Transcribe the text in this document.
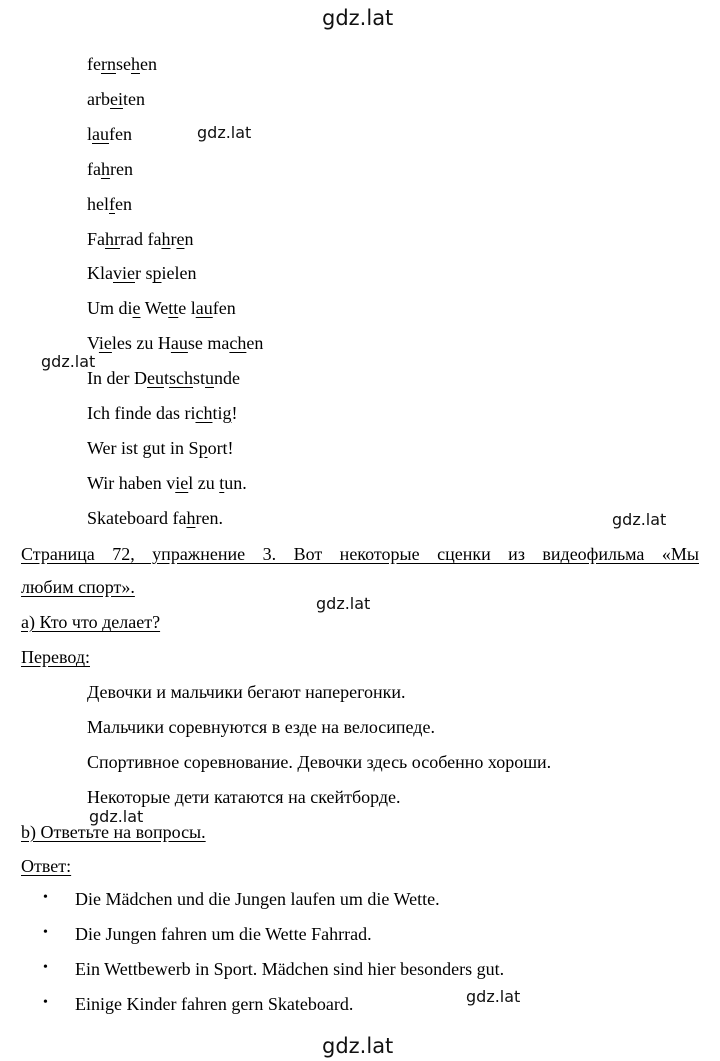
gdz.lat
gdz.lat
gdz.lat
gdz.lat
gdz.lat
gdz.lat
gdz.lat
gdz.lat
fernsehen
arbeiten
laufen
fahren
helfen
Fahrrad fahren
Klavier spielen
Um die Wette laufen
Vieles zu Hause machen
In der Deutschstunde
Ich finde das richtig!
Wer ist gut in Sport!
Wir haben viel zu tun.
Skateboard fahren.
Страница 72, упражнение 3. Вот некоторые сценки из видеофильма «Мы
любим спорт».
a) Кто что делает?
Перевод:
Девочки и мальчики бегают наперегонки.
Мальчики соревнуются в езде на велосипеде.
Спортивное соревнование. Девочки здесь особенно хороши.
Некоторые дети катаются на скейтборде.
b) Ответьте на вопросы.
Ответ:
• Die Mädchen und die Jungen laufen um die Wette.
• Die Jungen fahren um die Wette Fahrrad.
• Ein Wettbewerb in Sport. Mädchen sind hier besonders gut.
• Einige Kinder fahren gern Skateboard.
